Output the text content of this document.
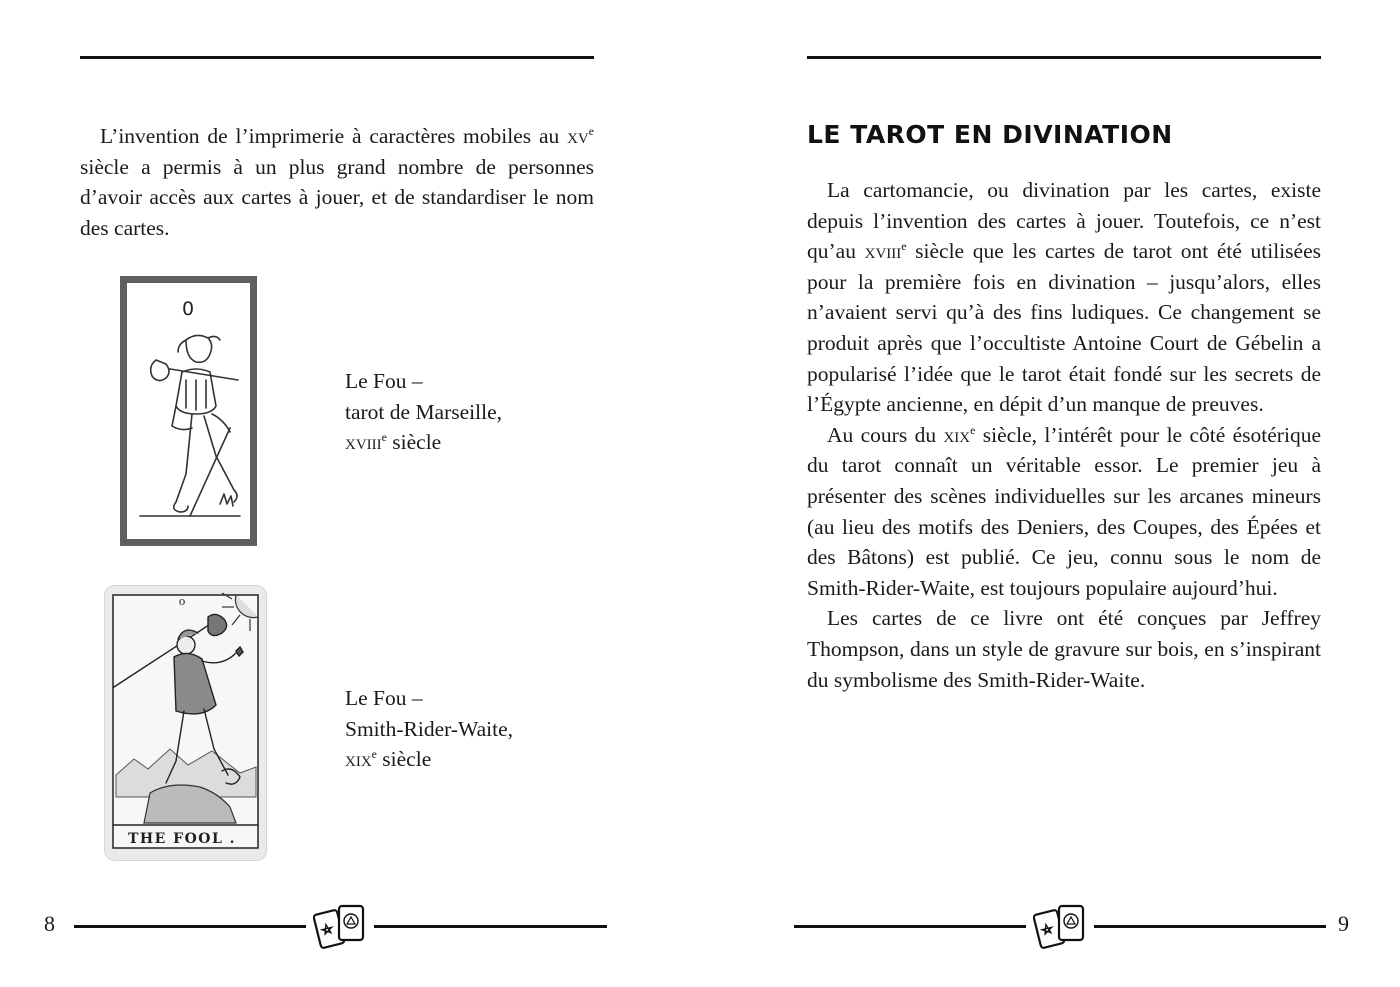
L’invention de l’imprimerie à caractères mobiles au $xv^e$ siècle a permis à un plus grand nombre de personnes d’avoir accès aux cartes à jouer, et de standardiser le nom des cartes.

0

Le Fou –
tarot de Marseille,
xviii$^e$ siècle

o
THE FOOL .

Le Fou –
Smith-Rider-Waite,
xix$^e$ siècle

8
LE TAROT EN DIVINATION

La cartomancie, ou divination par les cartes, existe depuis l’invention des cartes à jouer. Toutefois, ce n’est qu’au xviii$^e$ siècle que les cartes de tarot ont été utilisées pour la première fois en divination – jusqu’alors, elles n’avaient servi qu’à des fins ludiques. Ce changement se produit après que l’occultiste Antoine Court de Gébelin a popularisé l’idée que le tarot était fondé sur les secrets de l’Égypte ancienne, en dépit d’un manque de preuves.

Au cours du xix$^e$ siècle, l’intérêt pour le côté ésotérique du tarot connaît un véritable essor. Le premier jeu à présenter des scènes individuelles sur les arcanes mineurs (au lieu des motifs des Deniers, des Coupes, des Épées et des Bâtons) est publié. Ce jeu, connu sous le nom de Smith-Rider-Waite, est toujours populaire aujourd’hui.

Les cartes de ce livre ont été conçues par Jeffrey Thompson, dans un style de gravure sur bois, en s’inspirant du symbolisme des Smith-Rider-Waite.

9
